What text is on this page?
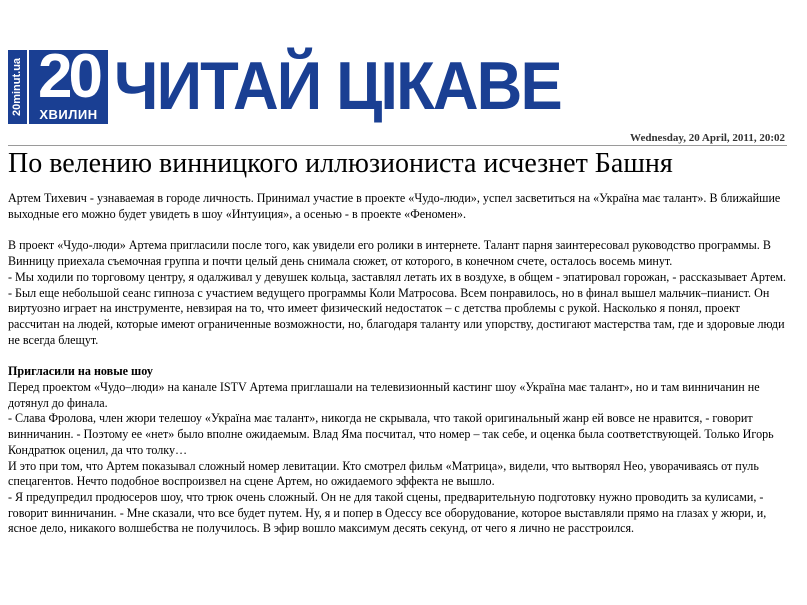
20minut.ua 20
ХВИЛИН ЧИТАЙ ЦІКАВЕ
Wednesday, 20 April, 2011, 20:02
По велению винницкого иллюзиониста исчезнет Башня

Артем Тихевич - узнаваемая в городе личность. Принимал участие в проекте «Чудо-люди», успел засветиться на «Україна має талант». В ближайшие выходные его можно будет увидеть в шоу «Интуиция», а осенью - в проекте «Феномен».

В проект «Чудо-люди» Артема пригласили после того, как увидели его ролики в интернете. Талант парня заинтересовал руководство программы. В Винницу приехала съемочная группа и почти целый день снимала сюжет, от которого, в конечном счете, осталось восемь минут.

- Мы ходили по торговому центру, я одалживал у девушек кольца, заставлял летать их в воздухе, в общем - эпатировал горожан, - рассказывает Артем. - Был еще небольшой сеанс гипноза с участием ведущего программы Коли Матросова. Всем понравилось, но в финал вышел мальчик–пианист. Он виртуозно играет на инструменте, невзирая на то, что имеет физический недостаток – с детства проблемы с рукой. Насколько я понял, проект рассчитан на людей, которые имеют ограниченные возможности, но, благодаря таланту или упорству, достигают мастерства там, где и здоровые люди не всегда блещут.

Пригласили на новые шоу

Перед проектом «Чудо–люди» на канале ISTV Артема приглашали на телевизионный кастинг шоу «Україна має талант», но и там винничанин не дотянул до финала.

- Слава Фролова, член жюри телешоу «Україна має талант», никогда не скрывала, что такой оригинальный жанр ей вовсе не нравится, - говорит винничанин. - Поэтому ее «нет» было вполне ожидаемым. Влад Яма посчитал, что номер – так себе, и оценка была соответствующей. Только Игорь Кондратюк оценил, да что толку…

И это при том, что Артем показывал сложный номер левитации. Кто смотрел фильм «Матрица», видели, что вытворял Нео, уворачиваясь от пуль спецагентов. Нечто подобное воспроизвел на сцене Артем, но ожидаемого эффекта не вышло.

- Я предупредил продюсеров шоу, что трюк очень сложный. Он не для такой сцены, предварительную подготовку нужно проводить за кулисами, - говорит винничанин. - Мне сказали, что все будет путем. Ну, я и попер в Одессу все оборудование, которое выставляли прямо на глазах у жюри, и, ясное дело, никакого волшебства не получилось. В эфир вошло максимум десять секунд, от чего я лично не расстроился.
